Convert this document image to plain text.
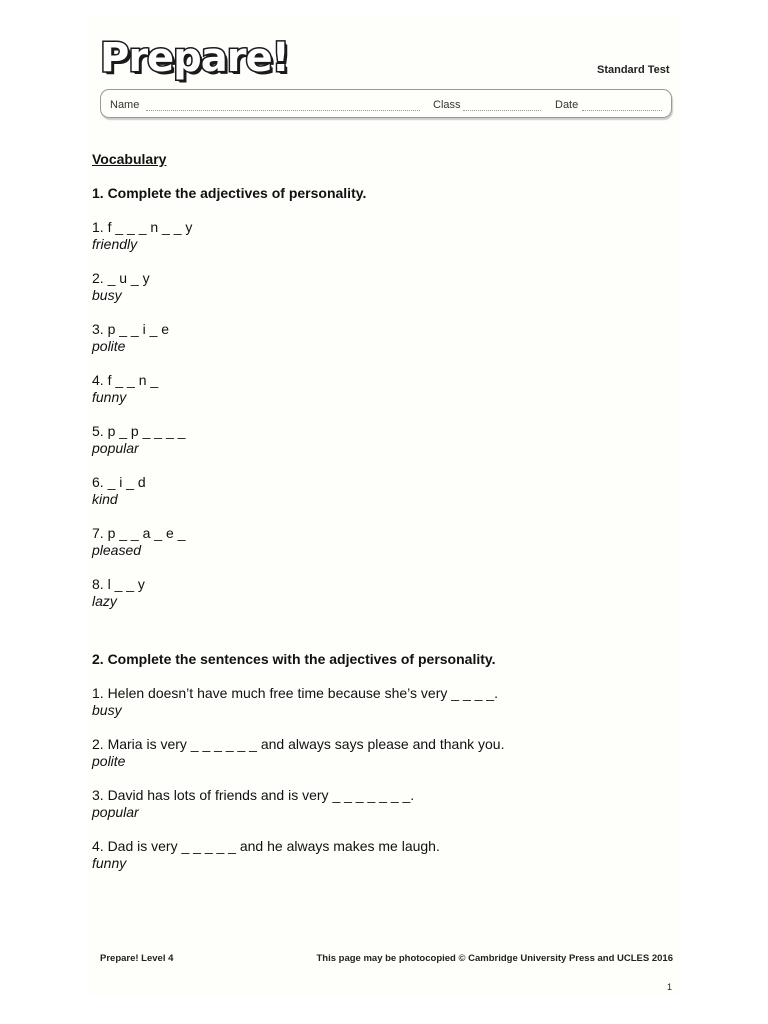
Prepare!	Standard Test
Name	Class	Date
Vocabulary
1. Complete the adjectives of personality.
1. f _ _ _ n _ _ y
friendly
2. _ u _ y
busy
3. p _ _ i _ e
polite
4. f _ _ n _
funny
5. p _ p _ _ _ _
popular
6. _ i _ d
kind
7. p _ _ a _ e _
pleased
8. l _ _ y
lazy
2. Complete the sentences with the adjectives of personality.
1. Helen doesn’t have much free time because she’s very _ _ _ _.
busy
2. Maria is very _ _ _ _ _ _ and always says please and thank you.
polite
3. David has lots of friends and is very _ _ _ _ _ _ _.
popular
4. Dad is very _ _ _ _ _ and he always makes me laugh.
funny
Prepare! Level 4	This page may be photocopied © Cambridge University Press and UCLES 2016
1
